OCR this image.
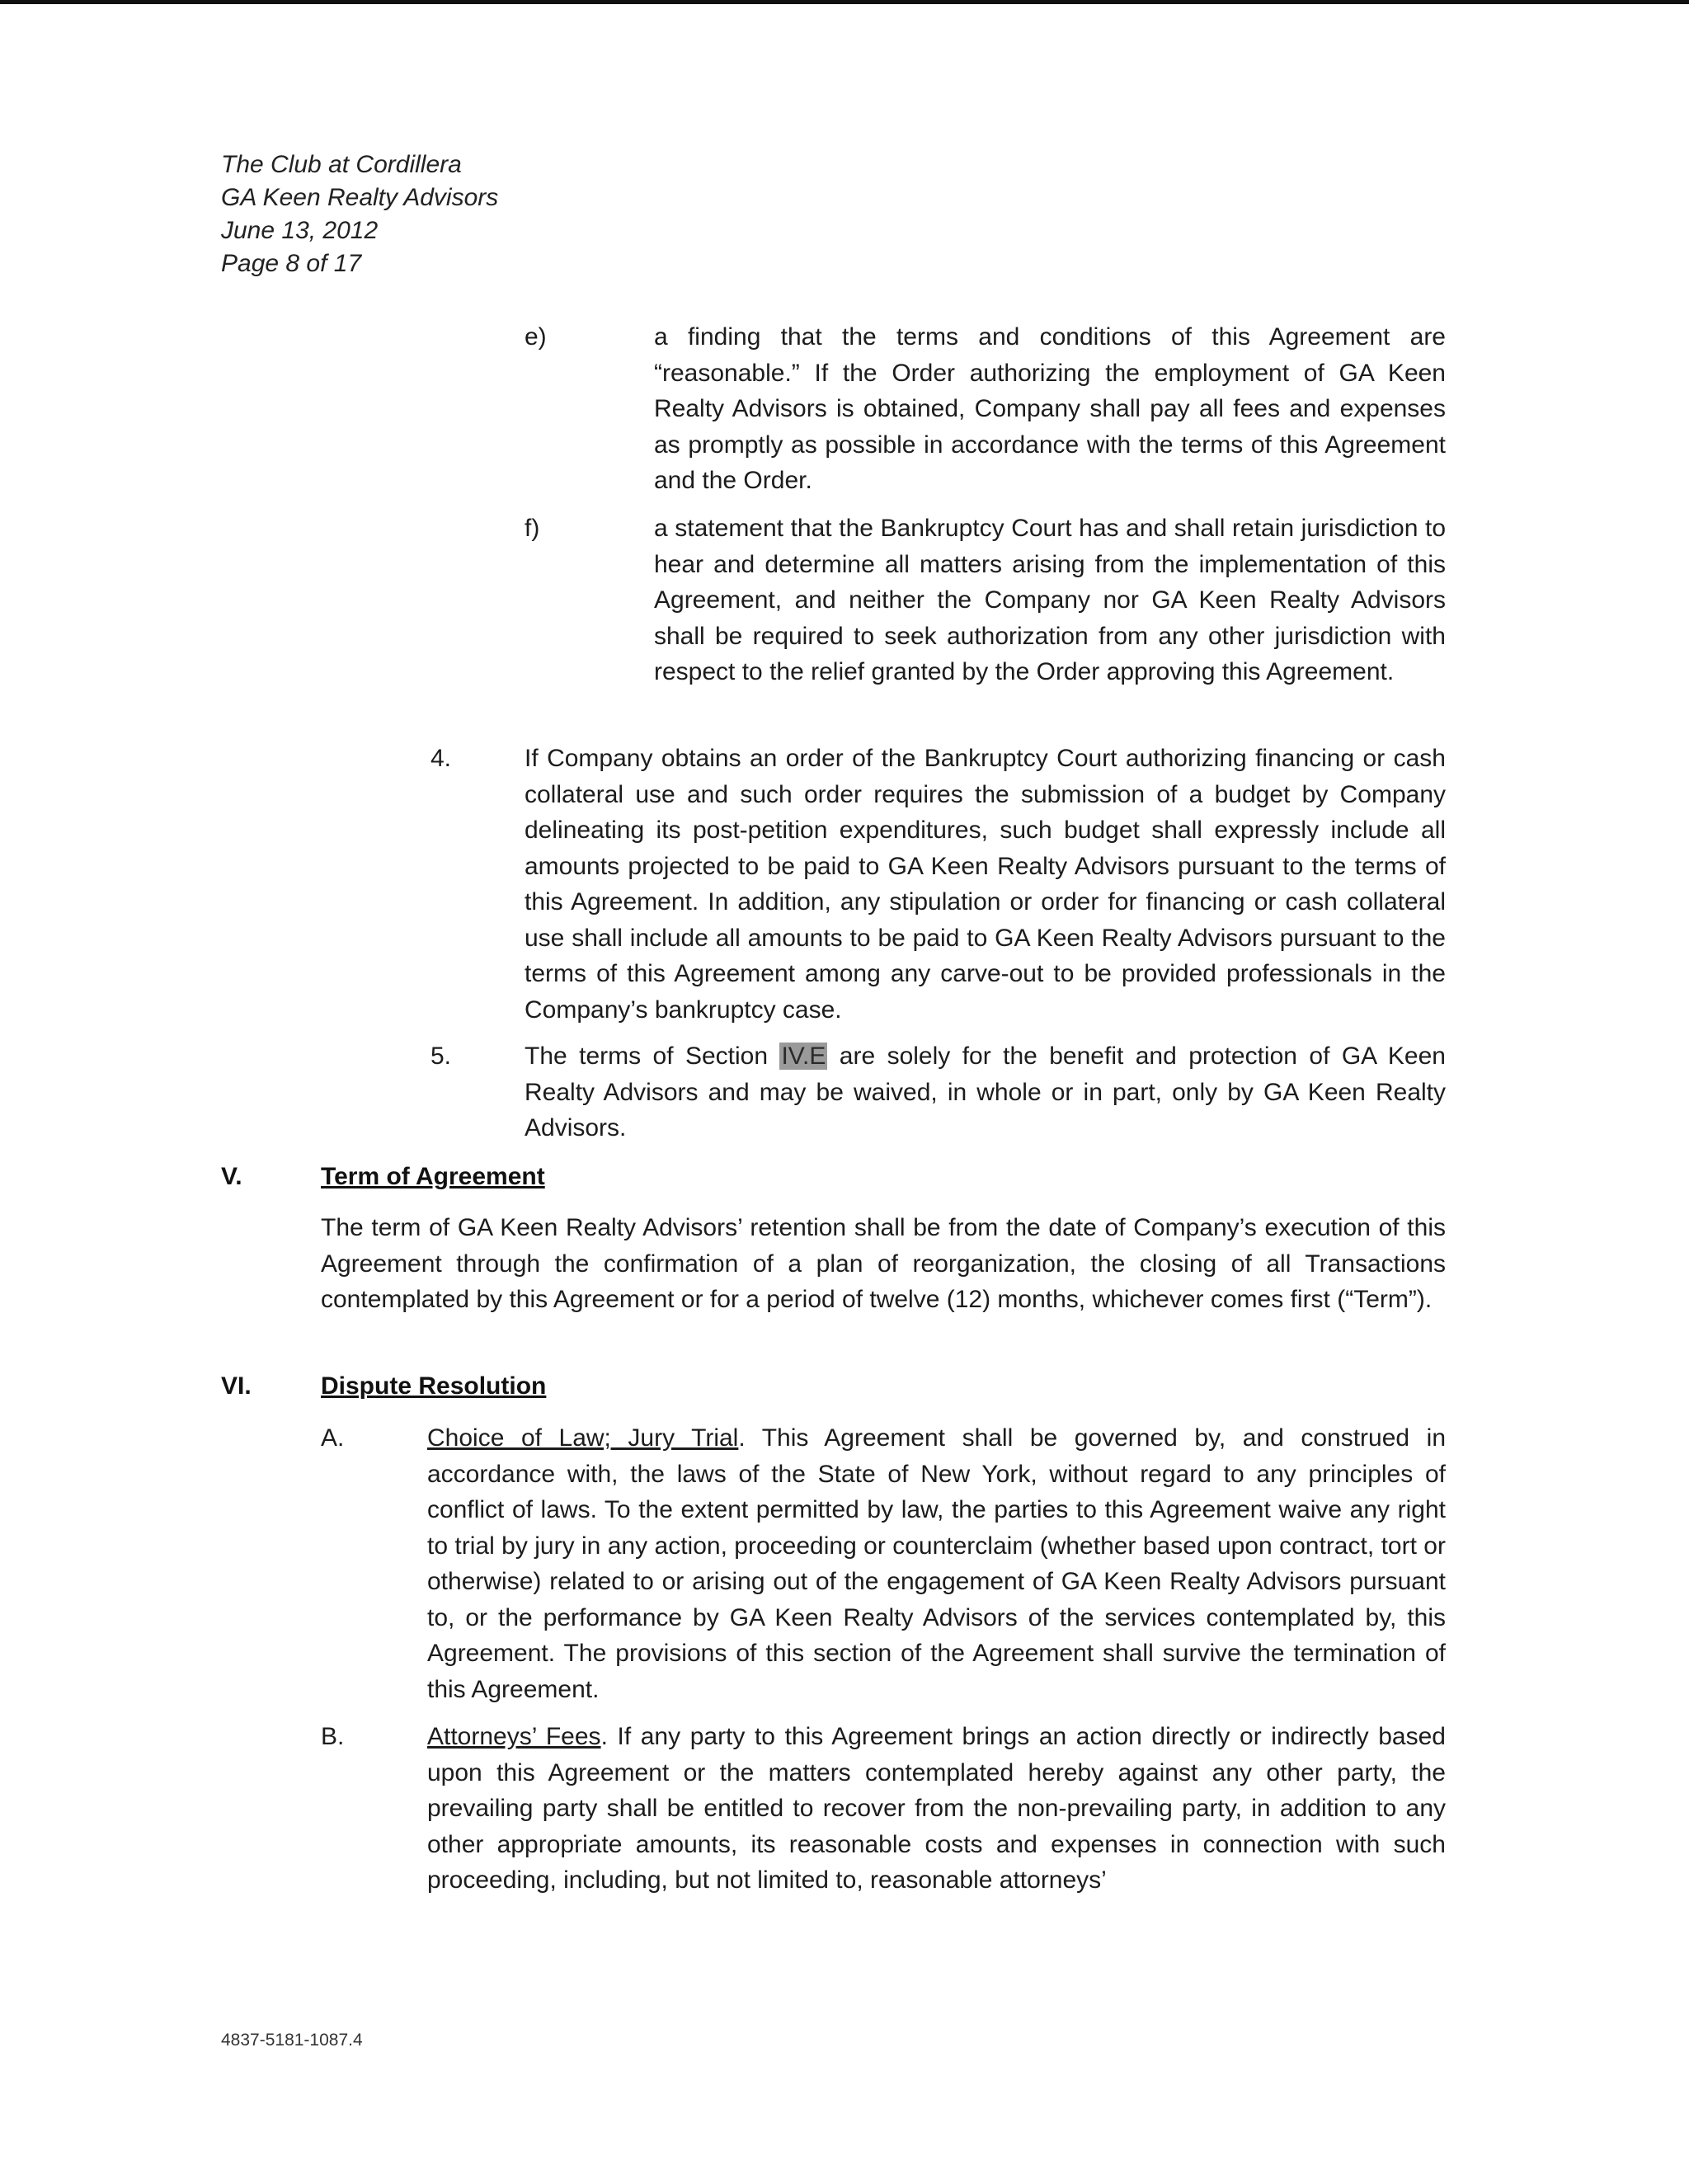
The Club at Cordillera
GA Keen Realty Advisors
June 13, 2012
Page 8 of 17
e)	a finding that the terms and conditions of this Agreement are “reasonable.” If the Order authorizing the employment of GA Keen Realty Advisors is obtained, Company shall pay all fees and expenses as promptly as possible in accordance with the terms of this Agreement and the Order.
f)	a statement that the Bankruptcy Court has and shall retain jurisdiction to hear and determine all matters arising from the implementation of this Agreement, and neither the Company nor GA Keen Realty Advisors shall be required to seek authorization from any other jurisdiction with respect to the relief granted by the Order approving this Agreement.
4.	If Company obtains an order of the Bankruptcy Court authorizing financing or cash collateral use and such order requires the submission of a budget by Company delineating its post-petition expenditures, such budget shall expressly include all amounts projected to be paid to GA Keen Realty Advisors pursuant to the terms of this Agreement. In addition, any stipulation or order for financing or cash collateral use shall include all amounts to be paid to GA Keen Realty Advisors pursuant to the terms of this Agreement among any carve-out to be provided professionals in the Company’s bankruptcy case.
5.	The terms of Section IV.E are solely for the benefit and protection of GA Keen Realty Advisors and may be waived, in whole or in part, only by GA Keen Realty Advisors.
V.	Term of Agreement
The term of GA Keen Realty Advisors’ retention shall be from the date of Company’s execution of this Agreement through the confirmation of a plan of reorganization, the closing of all Transactions contemplated by this Agreement or for a period of twelve (12) months, whichever comes first (“Term”).
VI.	Dispute Resolution
A.	Choice of Law; Jury Trial. This Agreement shall be governed by, and construed in accordance with, the laws of the State of New York, without regard to any principles of conflict of laws. To the extent permitted by law, the parties to this Agreement waive any right to trial by jury in any action, proceeding or counterclaim (whether based upon contract, tort or otherwise) related to or arising out of the engagement of GA Keen Realty Advisors pursuant to, or the performance by GA Keen Realty Advisors of the services contemplated by, this Agreement. The provisions of this section of the Agreement shall survive the termination of this Agreement.
B.	Attorneys’ Fees. If any party to this Agreement brings an action directly or indirectly based upon this Agreement or the matters contemplated hereby against any other party, the prevailing party shall be entitled to recover from the non-prevailing party, in addition to any other appropriate amounts, its reasonable costs and expenses in connection with such proceeding, including, but not limited to, reasonable attorneys’
4837-5181-1087.4
